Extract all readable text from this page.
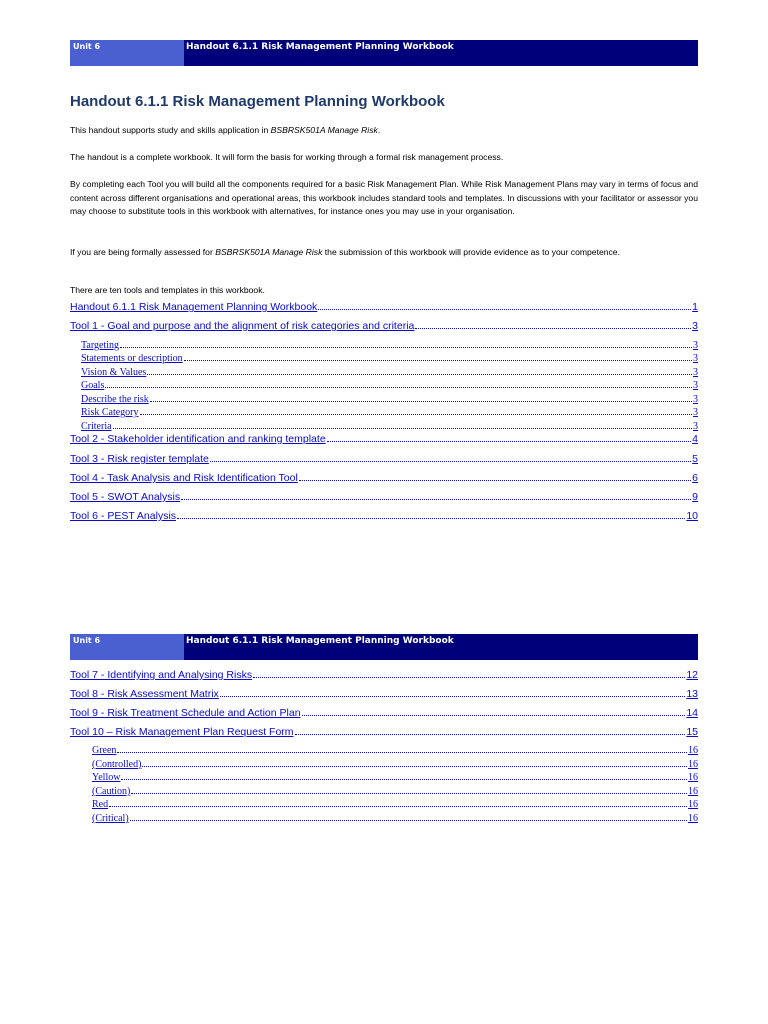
Unit 6	Handout 6.1.1 Risk Management Planning Workbook
Handout 6.1.1 Risk Management Planning Workbook
This handout supports study and skills application in BSBRSK501A Manage Risk.
The handout is a complete workbook. It will form the basis for working through a formal risk management process.
By completing each Tool you will build all the components required for a basic Risk Management Plan. While Risk Management Plans may vary in terms of focus and content across different organisations and operational areas, this workbook includes standard tools and templates. In discussions with your facilitator or assessor you may choose to substitute tools in this workbook with alternatives, for instance ones you may use in your organisation.
If you are being formally assessed for BSBRSK501A Manage Risk the submission of this workbook will provide evidence as to your competence.
There are ten tools and templates in this workbook.
Handout 6.1.1 Risk Management Planning Workbook	1
Tool 1 - Goal and purpose and the alignment of risk categories and criteria	3
Targeting	3
Statements or description	3
Vision & Values	3
Goals	3
Describe the risk	3
Risk Category	3
Criteria	3
Tool 2 - Stakeholder identification and ranking template	4
Tool 3 - Risk register template	5
Tool 4 - Task Analysis and Risk Identification Tool	6
Tool 5 - SWOT Analysis	9
Tool 6 - PEST Analysis	10
Unit 6	Handout 6.1.1 Risk Management Planning Workbook
Tool 7 - Identifying and Analysing Risks	12
Tool 8 - Risk Assessment Matrix	13
Tool 9 - Risk Treatment Schedule and Action Plan	14
Tool 10 – Risk Management Plan Request Form	15
Green	16
(Controlled)	16
Yellow	16
(Caution)	16
Red	16
(Critical)	16
